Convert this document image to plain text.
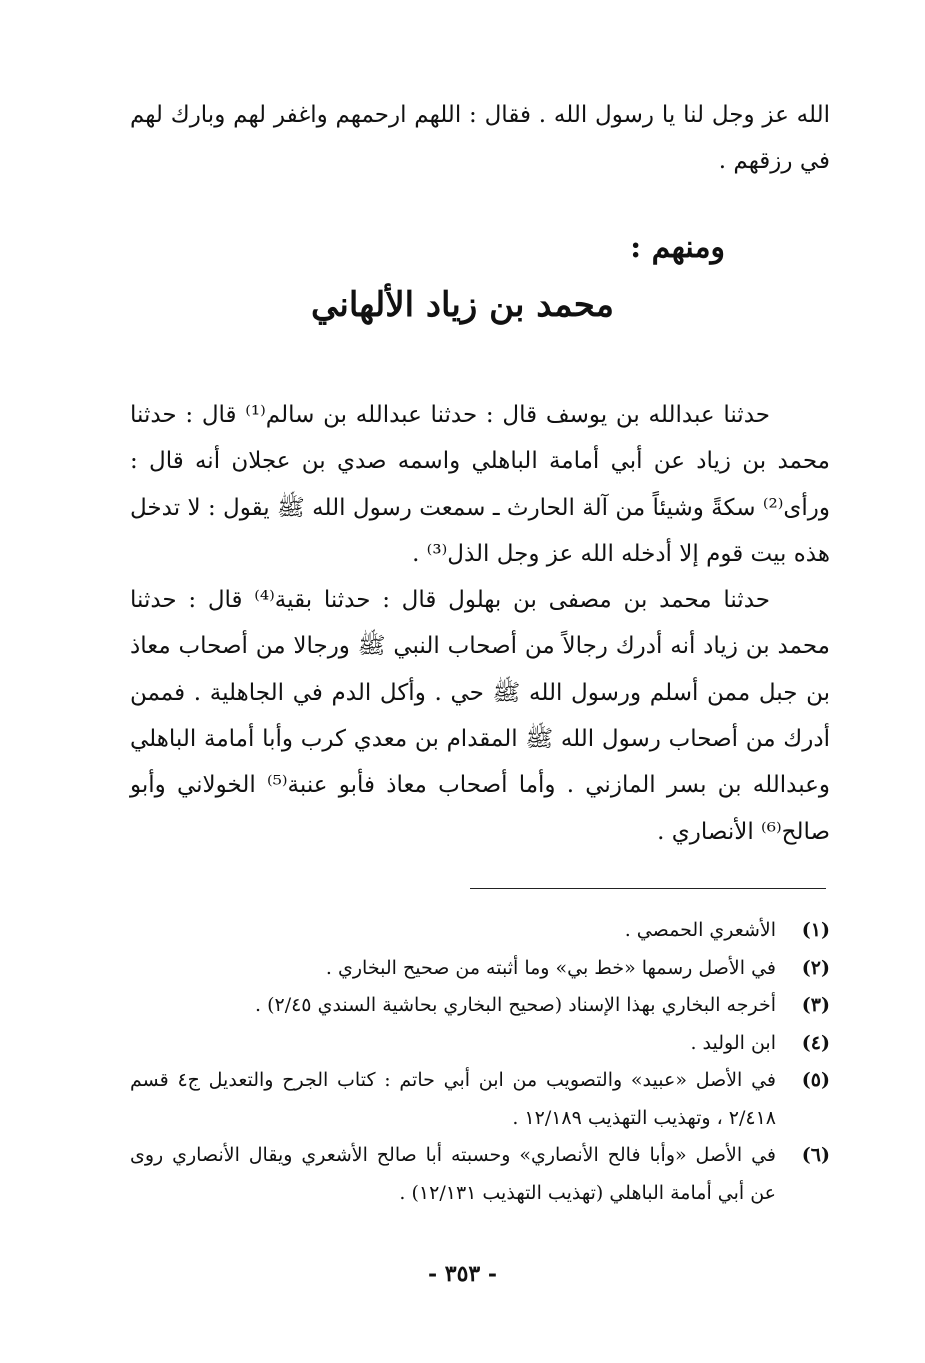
الله عز وجل لنا يا رسول الله . فقال : اللهم ارحمهم واغفر لهم وبارك لهم في رزقهم .
ومنهم :
محمد بن زياد الألهاني

حدثنا عبدالله بن يوسف قال : حدثنا عبدالله بن سالم⁽¹⁾ قال : حدثنا محمد بن زياد عن أبي أمامة الباهلي واسمه صدي بن عجلان أنه قال : ورأى⁽²⁾ سكةً وشيئاً من آلة الحارث ـ سمعت رسول الله ﷺ يقول : لا تدخل هذه بيت قوم إلا أدخله الله عز وجل الذل⁽³⁾ .

حدثنا محمد بن مصفى بن بهلول قال : حدثنا بقية⁽⁴⁾ قال : حدثنا محمد بن زياد أنه أدرك رجالاً من أصحاب النبي ﷺ ورجالا من أصحاب معاذ بن جبل ممن أسلم ورسول الله ﷺ حي . وأكل الدم في الجاهلية . فممن أدرك من أصحاب رسول الله ﷺ المقدام بن معدي كرب وأبا أمامة الباهلي وعبدالله بن بسر المازني . وأما أصحاب معاذ فأبو عنبة⁽⁵⁾ الخولاني وأبو صالح⁽⁶⁾ الأنصاري .

(١)
الأشعري الحمصي .
(٢)
في الأصل رسمها «خط بي» وما أثبته من صحيح البخاري .
(٣)
أخرجه البخاري بهذا الإسناد (صحيح البخاري بحاشية السندي ٢/٤٥) .
(٤)
ابن الوليد .
(٥)
في الأصل «عبيد» والتصويب من ابن أبي حاتم : كتاب الجرح والتعديل ج٤ قسم ٢/٤١٨ ، وتهذيب التهذيب ١٢/١٨٩ .
(٦)
في الأصل «وأبا فالح الأنصاري» وحسبته أبا صالح الأشعري ويقال الأنصاري روى عن أبي أمامة الباهلي (تهذيب التهذيب ١٢/١٣١) .
- ٣٥٣ -
